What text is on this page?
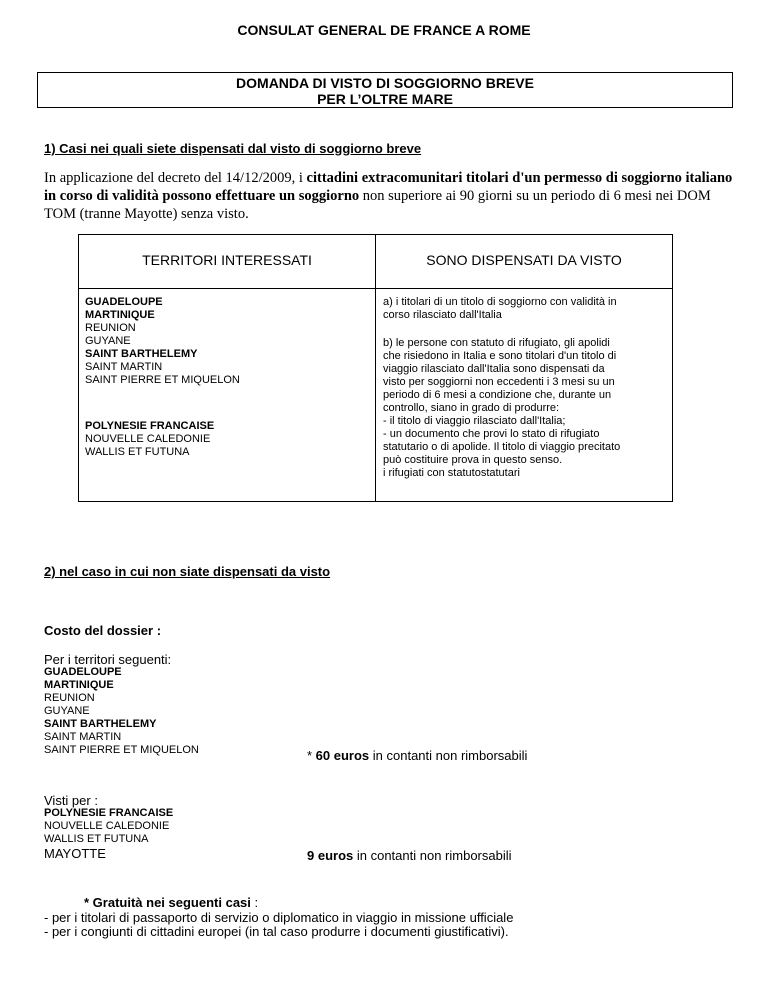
CONSULAT GENERAL DE FRANCE A ROME
DOMANDA DI VISTO DI SOGGIORNO BREVE
PER L’OLTRE MARE
1) Casi nei quali siete dispensati dal visto di soggiorno breve
In applicazione del decreto del 14/12/2009, i cittadini extracomunitari titolari d'un permesso di soggiorno italiano in corso di validità possono effettuare un soggiorno non superiore ai 90 giorni su un periodo di 6 mesi nei DOM TOM (tranne Mayotte) senza visto.
TERRITORI INTERESSATI	SONO DISPENSATI DA VISTO
GUADELOUPE
MARTINIQUE
REUNION
GUYANE
SAINT BARTHELEMY
SAINT MARTIN
SAINT PIERRE ET MIQUELON
POLYNESIE FRANCAISE
NOUVELLE CALEDONIE
WALLIS ET FUTUNA
a) i titolari di un titolo di soggiorno con validità in
corso rilasciato dall'Italia
b) le persone con statuto di rifugiato, gli apolidi
che risiedono in Italia e sono titolari d'un titolo di
viaggio rilasciato dall'Italia sono dispensati da
visto per soggiorni non eccedenti i 3 mesi su un
periodo di 6 mesi a condizione che, durante un
controllo, siano in grado di produrre:
- il titolo di viaggio rilasciato dall'Italia;
- un documento che provi lo stato di rifugiato
statutario o di apolide. Il titolo di viaggio precitato
può costituire prova in questo senso.
i rifugiati con statutostatutari
2) nel caso in cui non siate dispensati da visto
Costo del dossier :
Per i territori seguenti:
GUADELOUPE
MARTINIQUE
REUNION
GUYANE
SAINT BARTHELEMY
SAINT MARTIN
SAINT PIERRE ET MIQUELON	* 60 euros in contanti non rimborsabili
Visti per :
POLYNESIE FRANCAISE
NOUVELLE CALEDONIE
WALLIS ET FUTUNA
MAYOTTE	9 euros in contanti non rimborsabili
* Gratuità nei seguenti casi :
- per i titolari di passaporto di servizio o diplomatico in viaggio in missione ufficiale
- per i congiunti di cittadini europei (in tal caso produrre i documenti giustificativi).
